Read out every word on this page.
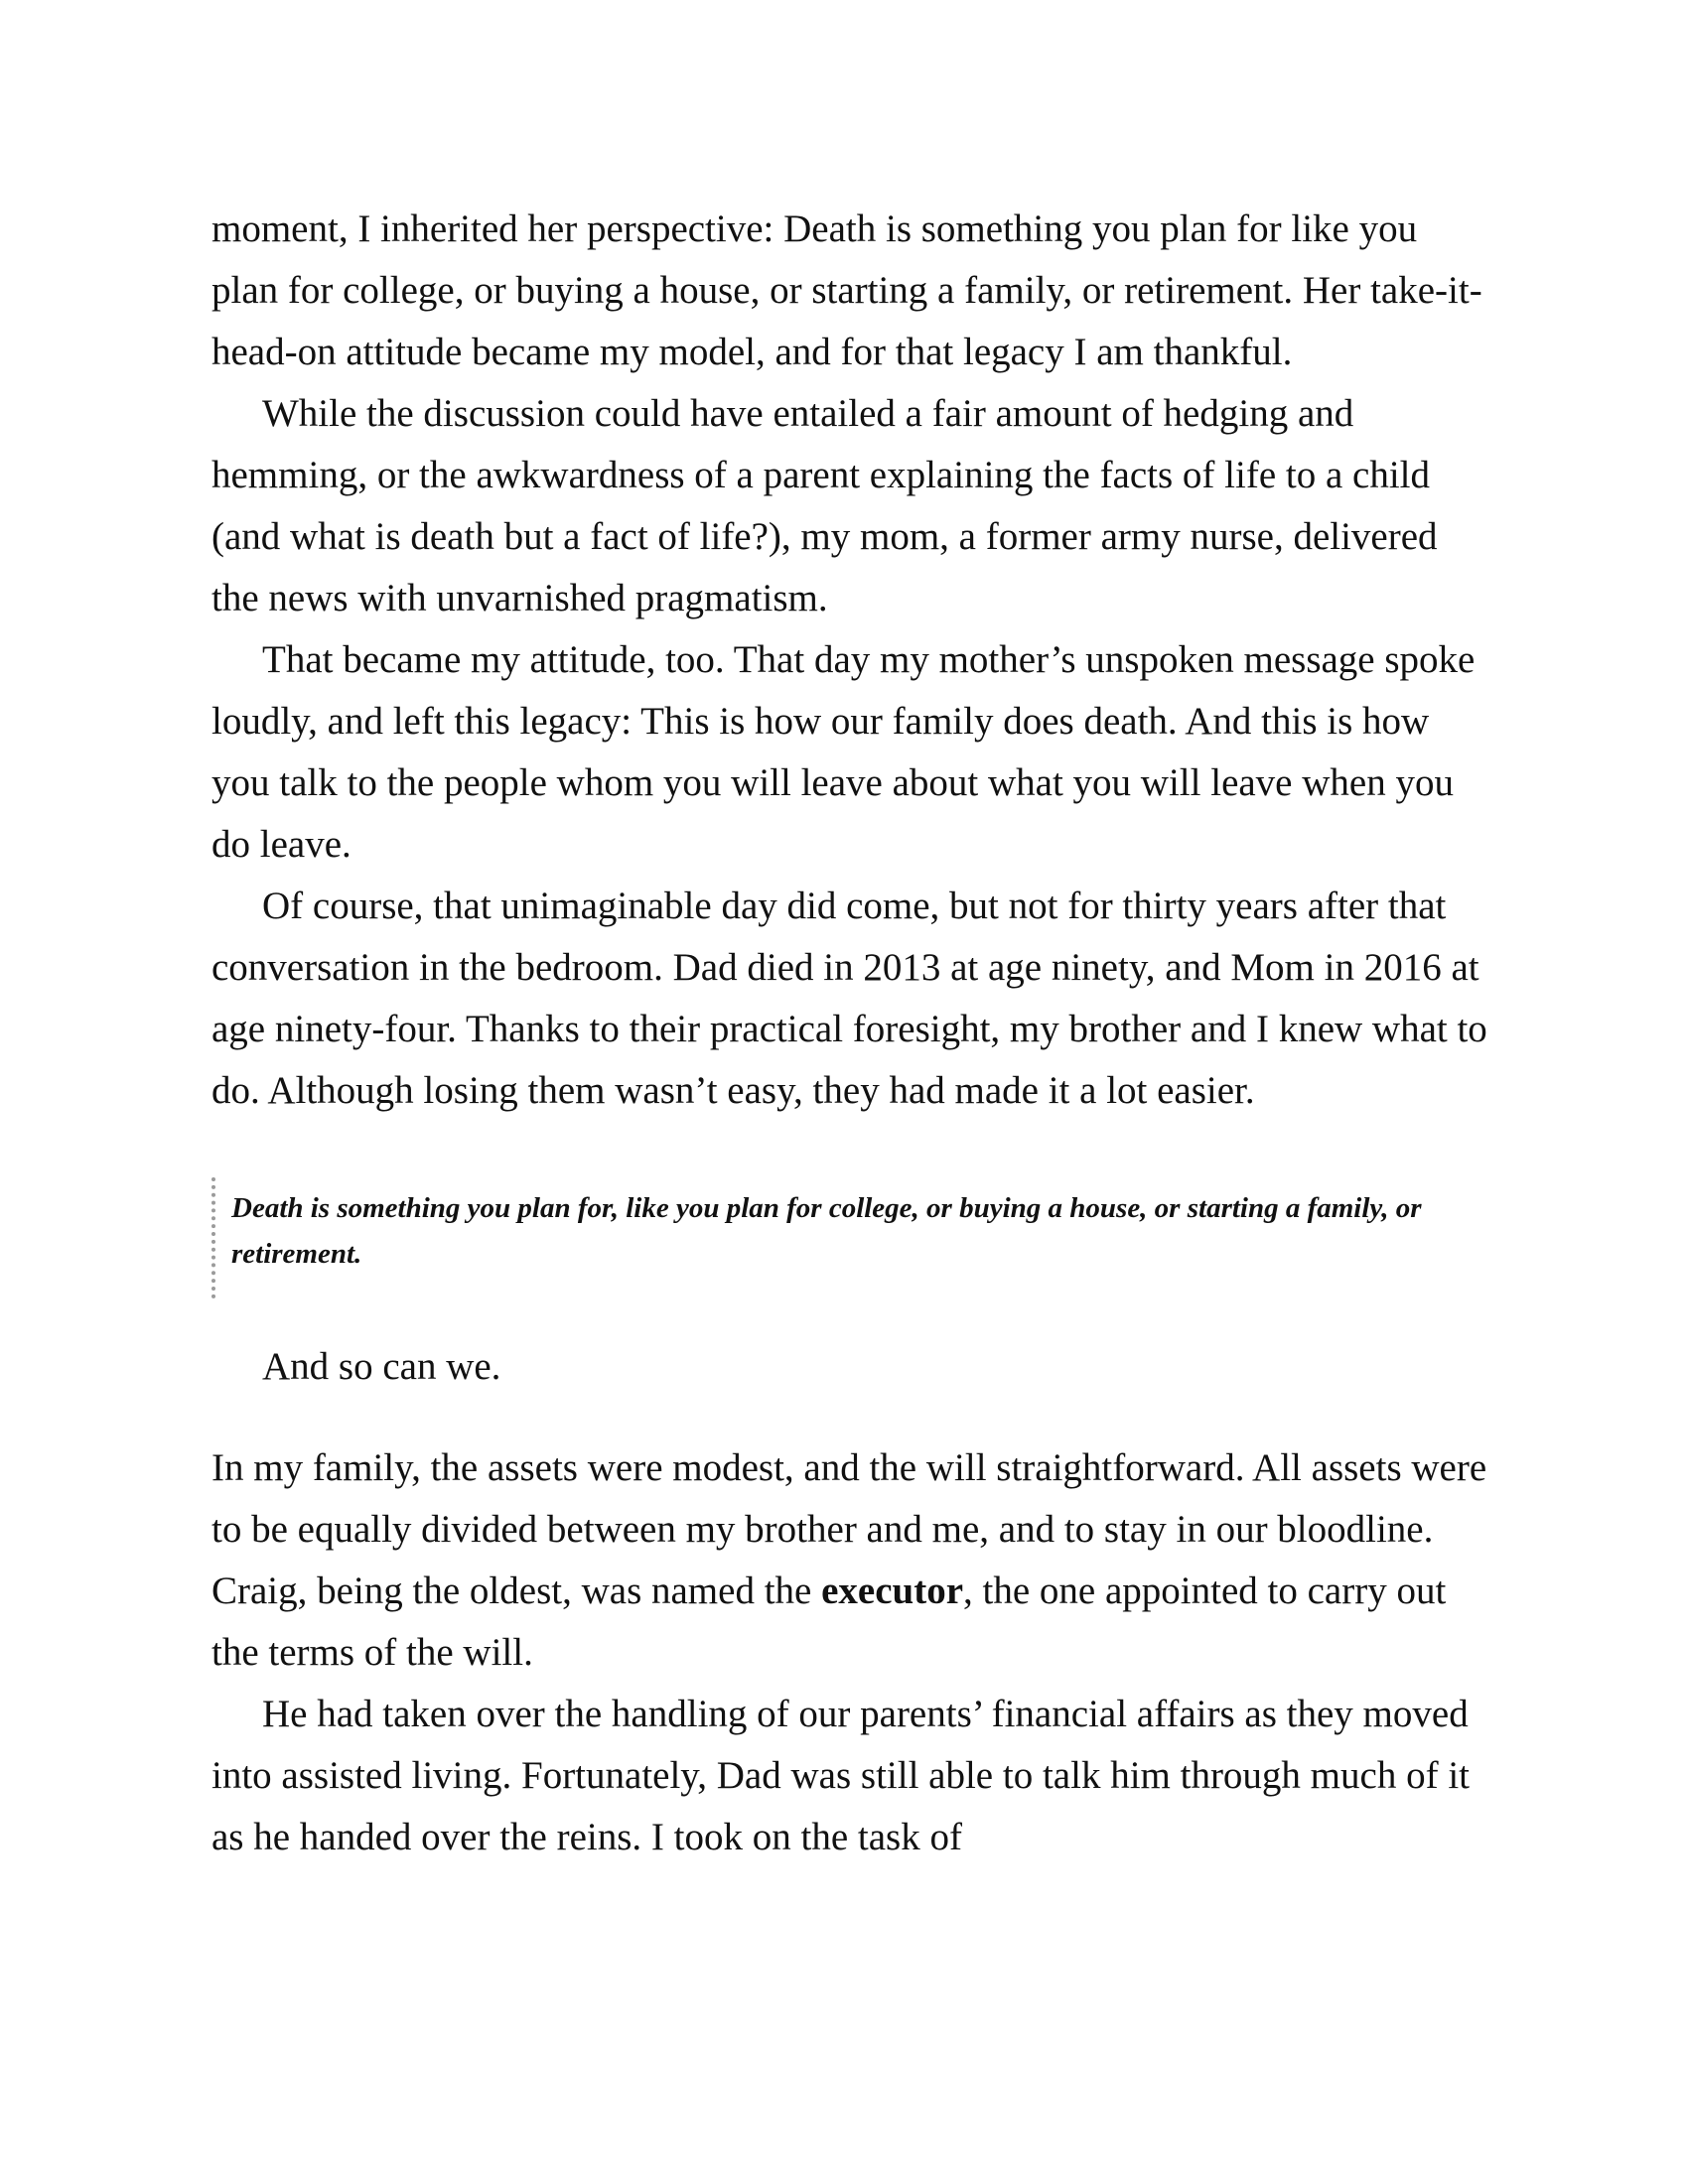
moment, I inherited her perspective: Death is something you plan for like you plan for college, or buying a house, or starting a family, or retirement. Her take-it-head-on attitude became my model, and for that legacy I am thankful.

While the discussion could have entailed a fair amount of hedging and hemming, or the awkwardness of a parent explaining the facts of life to a child (and what is death but a fact of life?), my mom, a former army nurse, delivered the news with unvarnished pragmatism.

That became my attitude, too. That day my mother’s unspoken message spoke loudly, and left this legacy: This is how our family does death. And this is how you talk to the people whom you will leave about what you will leave when you do leave.

Of course, that unimaginable day did come, but not for thirty years after that conversation in the bedroom. Dad died in 2013 at age ninety, and Mom in 2016 at age ninety-four. Thanks to their practical foresight, my brother and I knew what to do. Although losing them wasn’t easy, they had made it a lot easier.

Death is something you plan for, like you plan for college, or buying a house, or starting a family, or retirement.

And so can we.

In my family, the assets were modest, and the will straightforward. All assets were to be equally divided between my brother and me, and to stay in our bloodline. Craig, being the oldest, was named the executor, the one appointed to carry out the terms of the will.

He had taken over the handling of our parents’ financial affairs as they moved into assisted living. Fortunately, Dad was still able to talk him through much of it as he handed over the reins. I took on the task of
